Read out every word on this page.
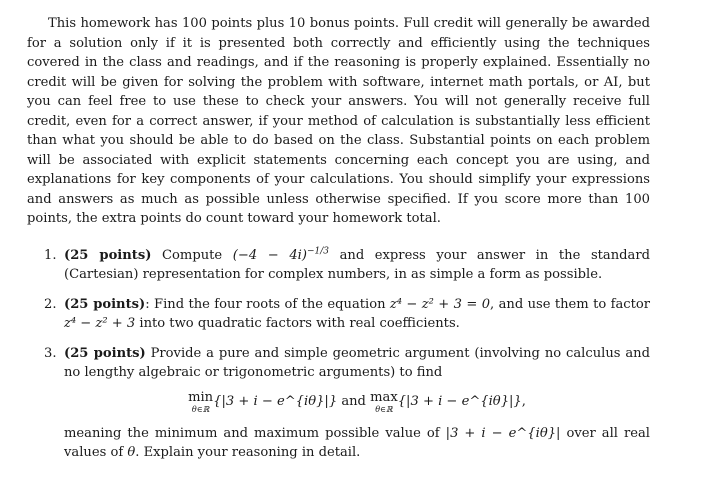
This homework has 100 points plus 10 bonus points. Full credit will generally be awarded for a solution only if it is presented both correctly and efficiently using the techniques covered in the class and readings, and if the reasoning is properly explained. Essentially no credit will be given for solving the problem with software, internet math portals, or AI, but you can feel free to use these to check your answers. You will not generally receive full credit, even for a correct answer, if your method of calculation is substantially less efficient than what you should be able to do based on the class. Substantial points on each problem will be associated with explicit statements concerning each concept you are using, and explanations for key components of your calculations. You should simplify your expressions and answers as much as possible unless otherwise specified. If you score more than 100 points, the extra points do count toward your homework total.

1. (25 points) Compute $(-4 - 4i)^{-1/3}$ and express your answer in the standard (Cartesian) representation for complex numbers, in as simple a form as possible.
2. (25 points): Find the four roots of the equation z⁴ − z² + 3 = 0, and use them to factor z⁴ − z² + 3 into two quadratic factors with real coefficients.
3. (25 points) Provide a pure and simple geometric argument (involving no calculus and no lengthy algebraic or trigonometric arguments) to find
min
θ∈ℝ
{|3 + i − e^{iθ}|} and max
θ∈ℝ
{|3 + i − e^{iθ}|},
meaning the minimum and maximum possible value of |3 + i − e^{iθ}| over all real values of θ. Explain your reasoning in detail.
